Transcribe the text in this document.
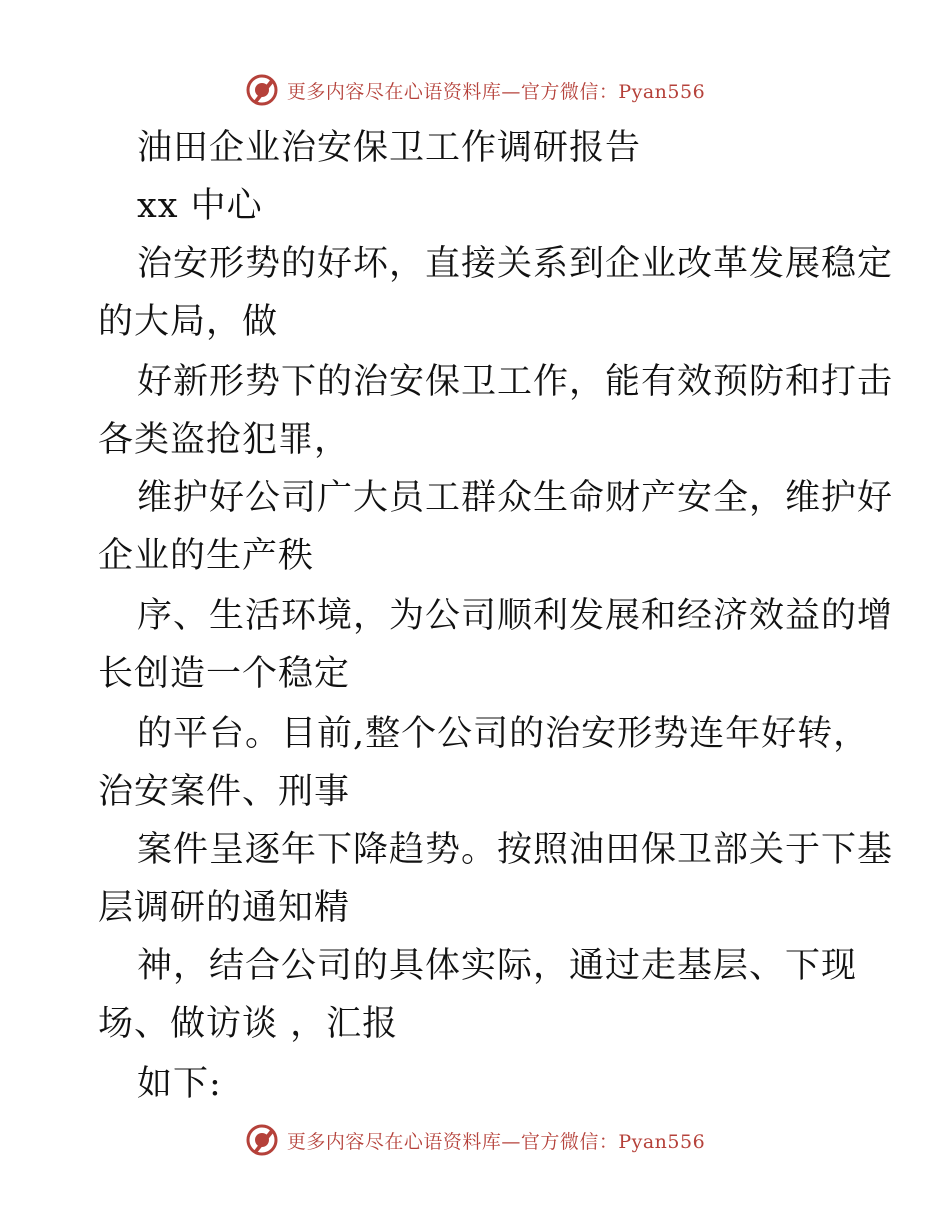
更多内容尽在心语资料库—官方微信：Pyan556
油田企业治安保卫工作调研报告
xx 中心
治安形势的好坏，直接关系到企业改革发展稳定
的大局，做
好新形势下的治安保卫工作，能有效预防和打击
各类盗抢犯罪，
维护好公司广大员工群众生命财产安全，维护好
企业的生产秩
序、生活环境，为公司顺利发展和经济效益的增
长创造一个稳定
的平台。目前,整个公司的治安形势连年好转，
治安案件、刑事
案件呈逐年下降趋势。按照油田保卫部关于下基
层调研的通知精
神，结合公司的具体实际，通过走基层、下现
场、做访谈 ，汇报
如下:
更多内容尽在心语资料库—官方微信：Pyan556
